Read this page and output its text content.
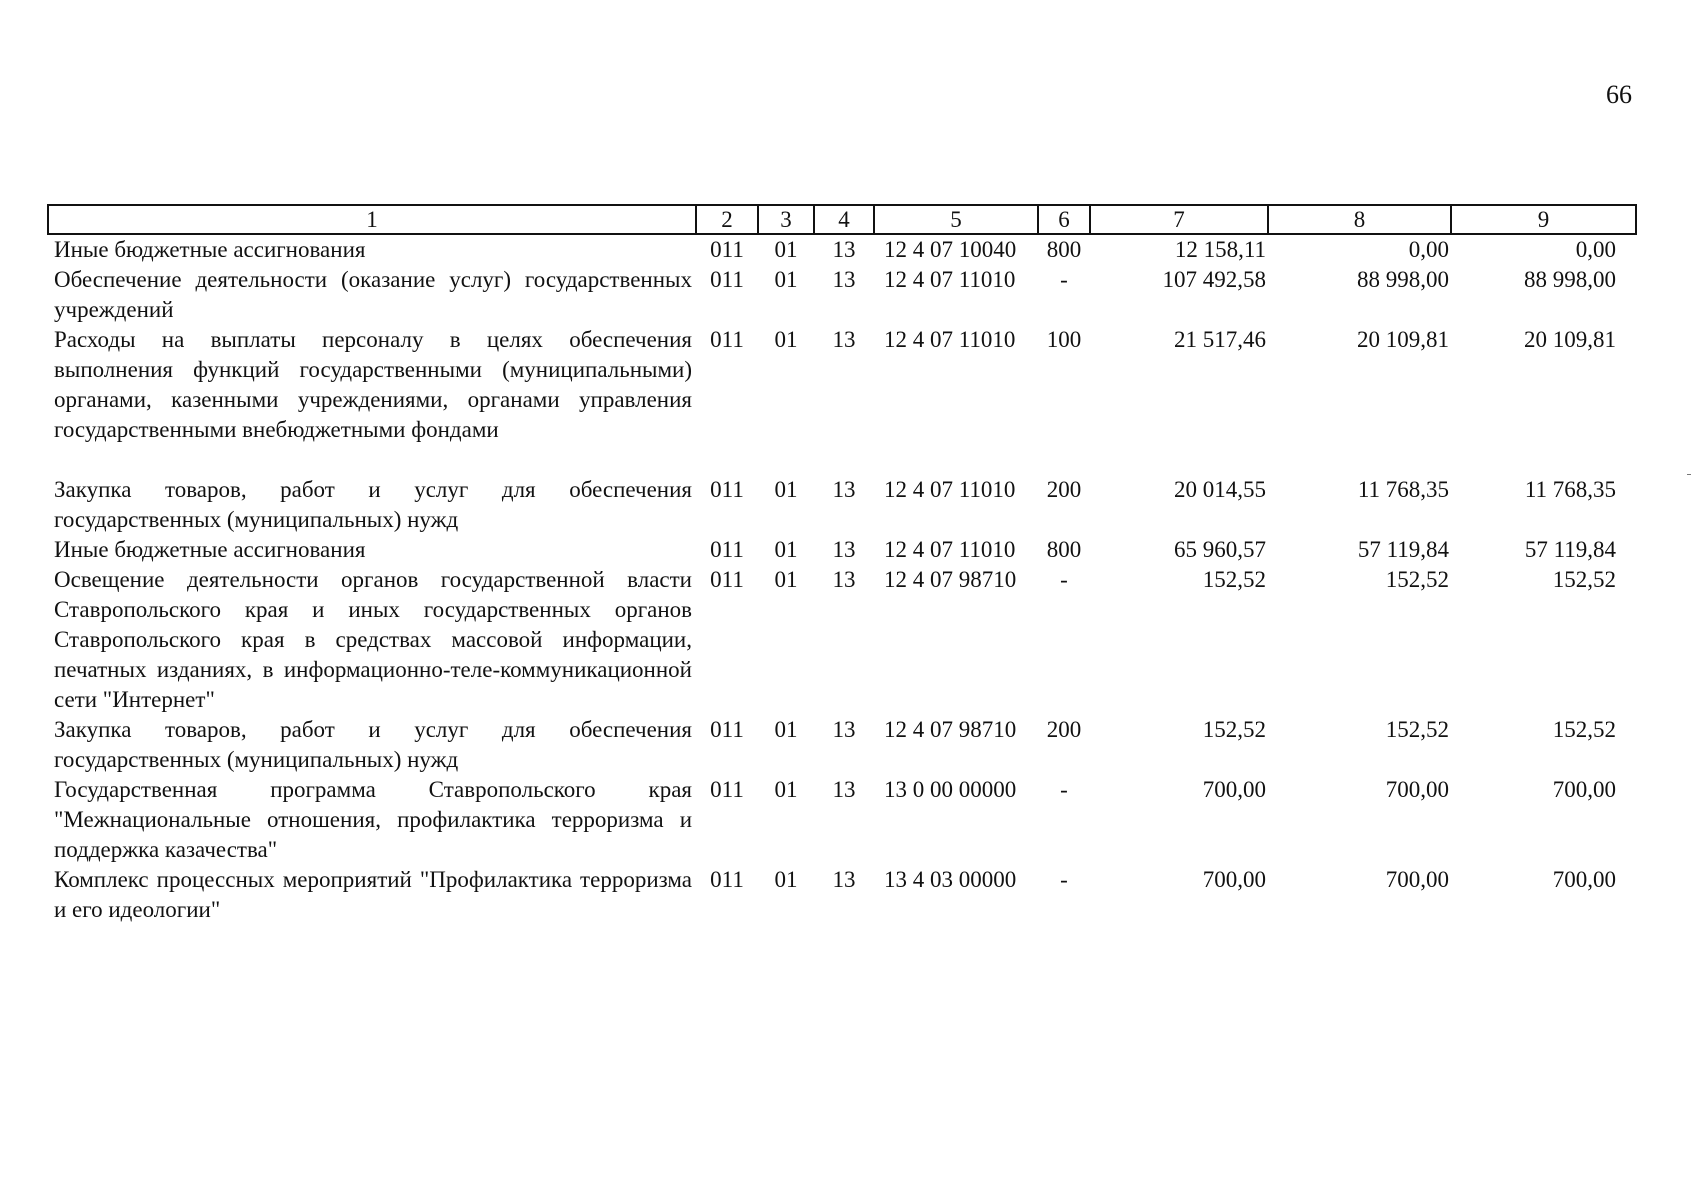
66
1	2	3	4	5	6	7	8	9
Иные бюджетные ассигнования	011	01	13	12 4 07 10040	800	12 158,11	0,00	0,00
Обеспечение деятельности (оказание услуг) государственных учреждений	011	01	13	12 4 07 11010	-	107 492,58	88 998,00	88 998,00
Расходы на выплаты персоналу в целях обеспечения выполнения функций государственными (муниципальными) органами, казенными учреждениями, органами управления государственными внебюджетными фондами	011	01	13	12 4 07 11010	100	21 517,46	20 109,81	20 109,81
Закупка товаров, работ и услуг для обеспечения государственных (муниципальных) нужд	011	01	13	12 4 07 11010	200	20 014,55	11 768,35	11 768,35
Иные бюджетные ассигнования	011	01	13	12 4 07 11010	800	65 960,57	57 119,84	57 119,84
Освещение деятельности органов государственной власти Ставропольского края и иных государственных органов Ставропольского края в средствах массовой информации, печатных изданиях, в информационно-теле-коммуникационной сети "Интернет"	011	01	13	12 4 07 98710	-	152,52	152,52	152,52
Закупка товаров, работ и услуг для обеспечения государственных (муниципальных) нужд	011	01	13	12 4 07 98710	200	152,52	152,52	152,52
Государственная программа Ставропольского края "Межнациональные отношения, профилактика терроризма и поддержка казачества"	011	01	13	13 0 00 00000	-	700,00	700,00	700,00
Комплекс процессных мероприятий "Профилактика терроризма и его идеологии"	011	01	13	13 4 03 00000	-	700,00	700,00	700,00
